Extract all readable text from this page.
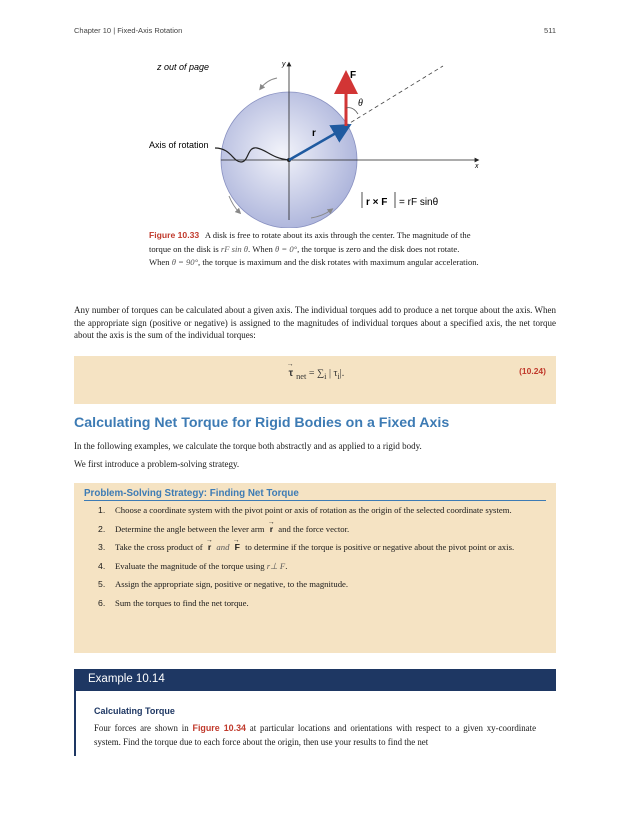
Chapter 10 | Fixed-Axis Rotation	511
z out of page
Axis of rotation
y
x
F
r
θ
r × F = rF sinθ
Figure 10.33 A disk is free to rotate about its axis through the center. The magnitude of the torque on the disk is rF sin θ. When θ = 0°, the torque is zero and the disk does not rotate. When θ = 90°, the torque is maximum and the disk rotates with maximum angular acceleration.

Any number of torques can be calculated about a given axis. The individual torques add to produce a net torque about the axis. When the appropriate sign (positive or negative) is assigned to the magnitudes of individual torques about a specified axis, the net torque about the axis is the sum of the individual torques:

→ τ $_{net} = \sum_i$ | $\tau_i|$.	(10.24)
Calculating Net Torque for Rigid Bodies on a Fixed Axis
In the following examples, we calculate the torque both abstractly and as applied to a rigid body.
We first introduce a problem-solving strategy.
Problem-Solving Strategy: Finding Net Torque
1. Choose a coordinate system with the pivot point or axis of rotation as the origin of the selected coordinate system.
2. Determine the angle between the lever arm → r and the force vector.
3. Take the cross product of → r and → F to determine if the torque is positive or negative about the pivot point or axis.
4. Evaluate the magnitude of the torque using r⊥ F.
5. Assign the appropriate sign, positive or negative, to the magnitude.
6. Sum the torques to find the net torque.
Example 10.14
Calculating Torque
Four forces are shown in Figure 10.34 at particular locations and orientations with respect to a given xy-coordinate system. Find the torque due to each force about the origin, then use your results to find the net
